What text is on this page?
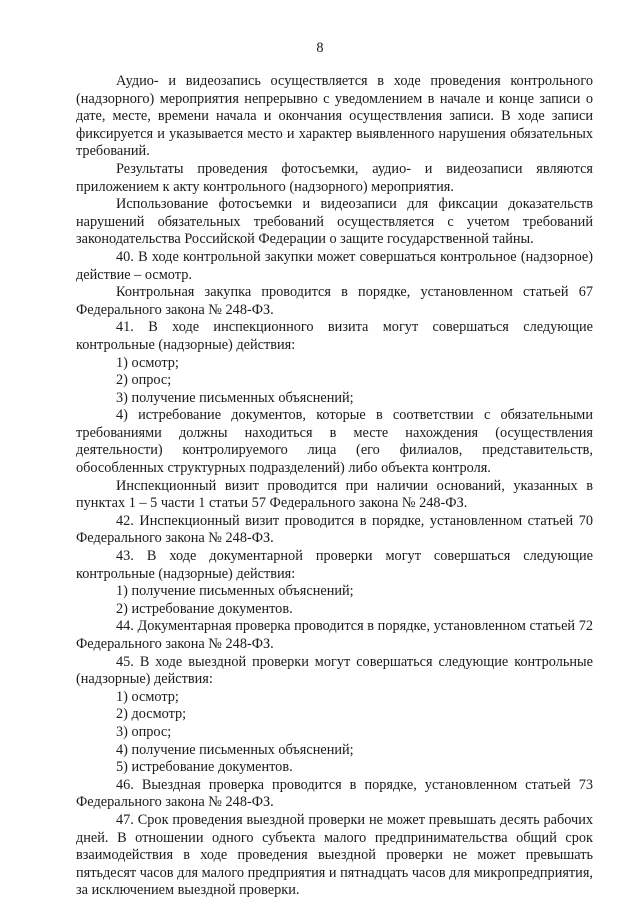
8

Аудио- и видеозапись осуществляется в ходе проведения контрольного (надзорного) мероприятия непрерывно с уведомлением в начале и конце записи о дате, месте, времени начала и окончания осуществления записи. В ходе записи фиксируется и указывается место и характер выявленного нарушения обязательных требований.

Результаты проведения фотосъемки, аудио- и видеозаписи являются приложением к акту контрольного (надзорного) мероприятия.

Использование фотосъемки и видеозаписи для фиксации доказательств нарушений обязательных требований осуществляется с учетом требований законодательства Российской Федерации о защите государственной тайны.

40. В ходе контрольной закупки может совершаться контрольное (надзорное) действие – осмотр.

Контрольная закупка проводится в порядке, установленном статьей 67 Федерального закона № 248-ФЗ.

41. В ходе инспекционного визита могут совершаться следующие контрольные (надзорные) действия:

1) осмотр;

2) опрос;

3) получение письменных объяснений;

4) истребование документов, которые в соответствии с обязательными требованиями должны находиться в месте нахождения (осуществления деятельности) контролируемого лица (его филиалов, представительств, обособленных структурных подразделений) либо объекта контроля.

Инспекционный визит проводится при наличии оснований, указанных в пунктах 1 – 5 части 1 статьи 57 Федерального закона № 248-ФЗ.

42. Инспекционный визит проводится в порядке, установленном статьей 70 Федерального закона № 248-ФЗ.

43. В ходе документарной проверки могут совершаться следующие контрольные (надзорные) действия:

1) получение письменных объяснений;

2) истребование документов.

44. Документарная проверка проводится в порядке, установленном статьей 72 Федерального закона № 248-ФЗ.

45. В ходе выездной проверки могут совершаться следующие контрольные (надзорные) действия:

1) осмотр;

2) досмотр;

3) опрос;

4) получение письменных объяснений;

5) истребование документов.

46. Выездная проверка проводится в порядке, установленном статьей 73 Федерального закона № 248-ФЗ.

47. Срок проведения выездной проверки не может превышать десять рабочих дней. В отношении одного субъекта малого предпринимательства общий срок взаимодействия в ходе проведения выездной проверки не может превышать пятьдесят часов для малого предприятия и пятнадцать часов для микропредприятия, за исключением выездной проверки.
